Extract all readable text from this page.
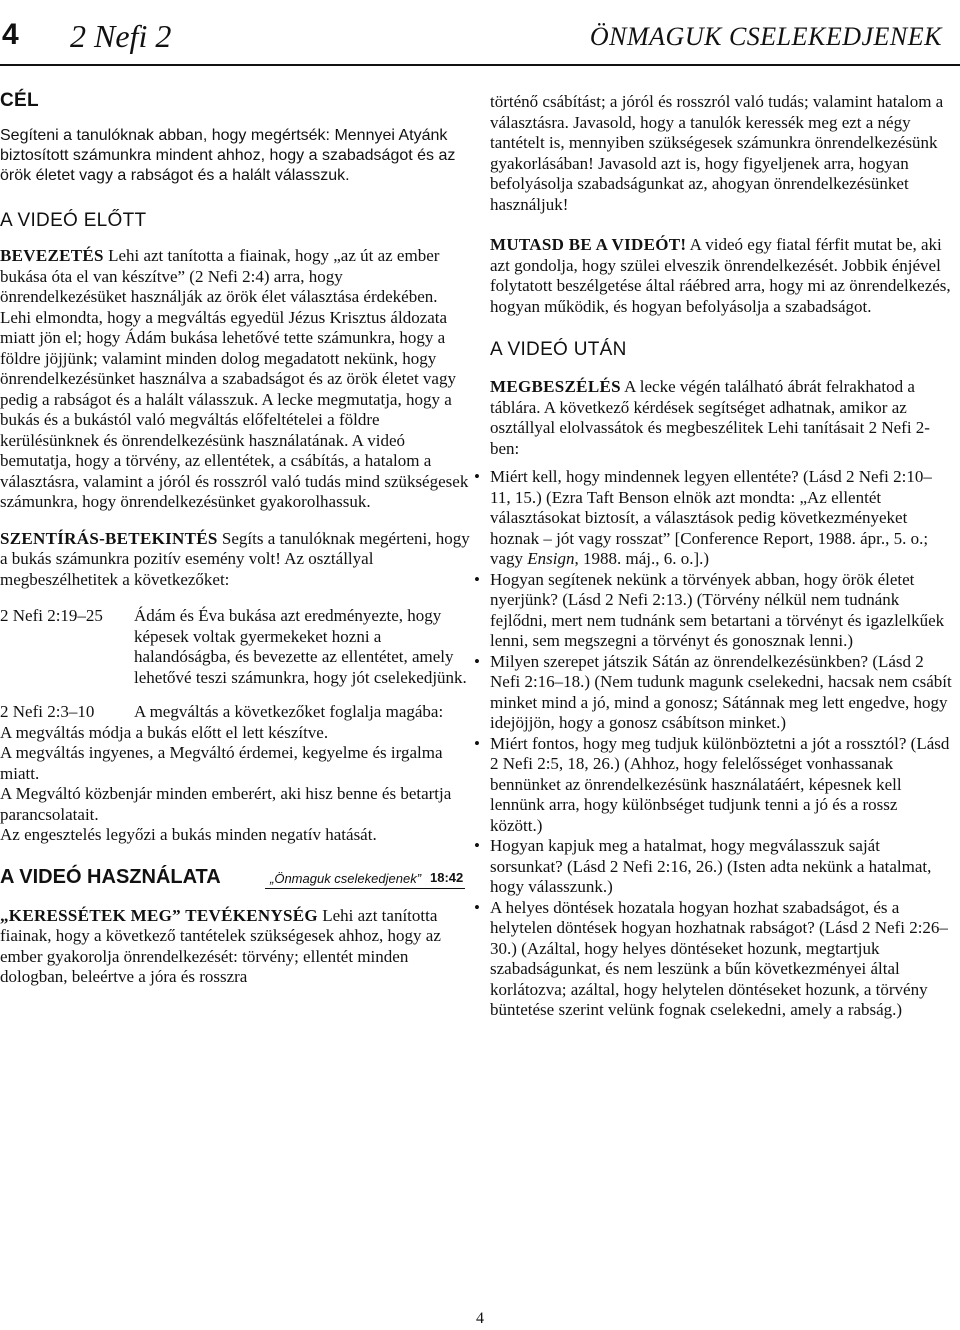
4 2 Nefi 2	ÖNMAGUK CSELEKEDJENEK
CÉL

Segíteni a tanulóknak abban, hogy megértsék: Mennyei Atyánk biztosított számunkra mindent ahhoz, hogy a szabadságot és az örök életet vagy a rabságot és a halált válasszuk.

A VIDEÓ ELŐTT

BEVEZETÉS Lehi azt tanította a fiainak, hogy „az út az ember bukása óta el van készítve” (2 Nefi 2:4) arra, hogy önrendelkezésüket használják az örök élet választása érdekében. Lehi elmondta, hogy a megváltás egyedül Jézus Krisztus áldozata miatt jön el; hogy Ádám bukása lehetővé tette számunkra, hogy a földre jöjjünk; valamint minden dolog megadatott nekünk, hogy önrendelkezésünket használva a szabadságot és az örök életet vagy pedig a rabságot és a halált válasszuk. A lecke megmutatja, hogy a bukás és a bukástól való megváltás előfeltételei a földre kerülésünknek és önrendelkezésünk használatának. A videó bemutatja, hogy a törvény, az ellentétek, a csábítás, a hatalom a választásra, valamint a jóról és rosszról való tudás mind szükségesek számunkra, hogy önrendelkezésünket gyakorolhassuk.

SZENTÍRÁS-BETEKINTÉS Segíts a tanulóknak megérteni, hogy a bukás számunkra pozitív esemény volt! Az osztállyal megbeszélhetitek a következőket:

2 Nefi 2:19–25 Ádám és Éva bukása azt eredményezte, hogy képesek voltak gyermekeket hozni a halandóságba, és bevezette az ellentétet, amely lehetővé teszi számunkra, hogy jót cselekedjünk.

2 Nefi 2:3–10 A megváltás a következőket foglalja magába:

A megváltás módja a bukás előtt el lett készítve.
A megváltás ingyenes, a Megváltó érdemei, kegyelme és irgalma miatt.
A Megváltó közbenjár minden emberért, aki hisz benne és betartja parancsolatait.
Az engesztelés legyőzi a bukás minden negatív hatását.
A VIDEÓ HASZNÁLATA	„Önmaguk cselekedjenek” 18:42

„KERESSÉTEK MEG” TEVÉKENYSÉG Lehi azt tanította fiainak, hogy a következő tantételek szükségesek ahhoz, hogy az ember gyakorolja önrendelkezését: törvény; ellentét minden dologban, beleértve a jóra és rosszra

történő csábítást; a jóról és rosszról való tudás; valamint hatalom a választásra. Javasold, hogy a tanulók keressék meg ezt a négy tantételt is, mennyiben szükségesek számunkra önrendelkezésünk gyakorlásában! Javasold azt is, hogy figyeljenek arra, hogyan befolyásolja szabadságunkat az, ahogyan önrendelkezésünket használjuk!

MUTASD BE A VIDEÓT! A videó egy fiatal férfit mutat be, aki azt gondolja, hogy szülei elveszik önrendelkezését. Jobbik énjével folytatott beszélgetése által ráébred arra, hogy mi az önrendelkezés, hogyan működik, és hogyan befolyásolja a szabadságot.

A VIDEÓ UTÁN

MEGBESZÉLÉS A lecke végén található ábrát felrakhatod a táblára. A következő kérdések segítséget adhatnak, amikor az osztállyal elolvassátok és megbeszélitek Lehi tanításait 2 Nefi 2-ben:

• Miért kell, hogy mindennek legyen ellentéte? (Lásd 2 Nefi 2:10–11, 15.) (Ezra Taft Benson elnök azt mondta: „Az ellentét választásokat biztosít, a választások pedig következményeket hoznak – jót vagy rosszat” [Conference Report, 1988. ápr., 5. o.; vagy Ensign, 1988. máj., 6. o.].)
• Hogyan segítenek nekünk a törvények abban, hogy örök életet nyerjünk? (Lásd 2 Nefi 2:13.) (Törvény nélkül nem tudnánk fejlődni, mert nem tudnánk sem betartani a törvényt és igazlelkűek lenni, sem megszegni a törvényt és gonosznak lenni.)
• Milyen szerepet játszik Sátán az önrendelkezésünkben? (Lásd 2 Nefi 2:16–18.) (Nem tudunk magunk cselekedni, hacsak nem csábít minket mind a jó, mind a gonosz; Sátánnak meg lett engedve, hogy idejöjjön, hogy a gonosz csábítson minket.)
• Miért fontos, hogy meg tudjuk különböztetni a jót a rossztól? (Lásd 2 Nefi 2:5, 18, 26.) (Ahhoz, hogy felelősséget vonhassanak bennünket az önrendelkezésünk használatáért, képesnek kell lennünk arra, hogy különbséget tudjunk tenni a jó és a rossz között.)
• Hogyan kapjuk meg a hatalmat, hogy megválasszuk saját sorsunkat? (Lásd 2 Nefi 2:16, 26.) (Isten adta nekünk a hatalmat, hogy válasszunk.)
• A helyes döntések hozatala hogyan hozhat szabadságot, és a helytelen döntések hogyan hozhatnak rabságot? (Lásd 2 Nefi 2:26–30.) (Azáltal, hogy helyes döntéseket hozunk, megtartjuk szabadságunkat, és nem leszünk a bűn következményei által korlátozva; azáltal, hogy helytelen döntéseket hozunk, a törvény büntetése szerint velünk fognak cselekedni, amely a rabság.)
4
